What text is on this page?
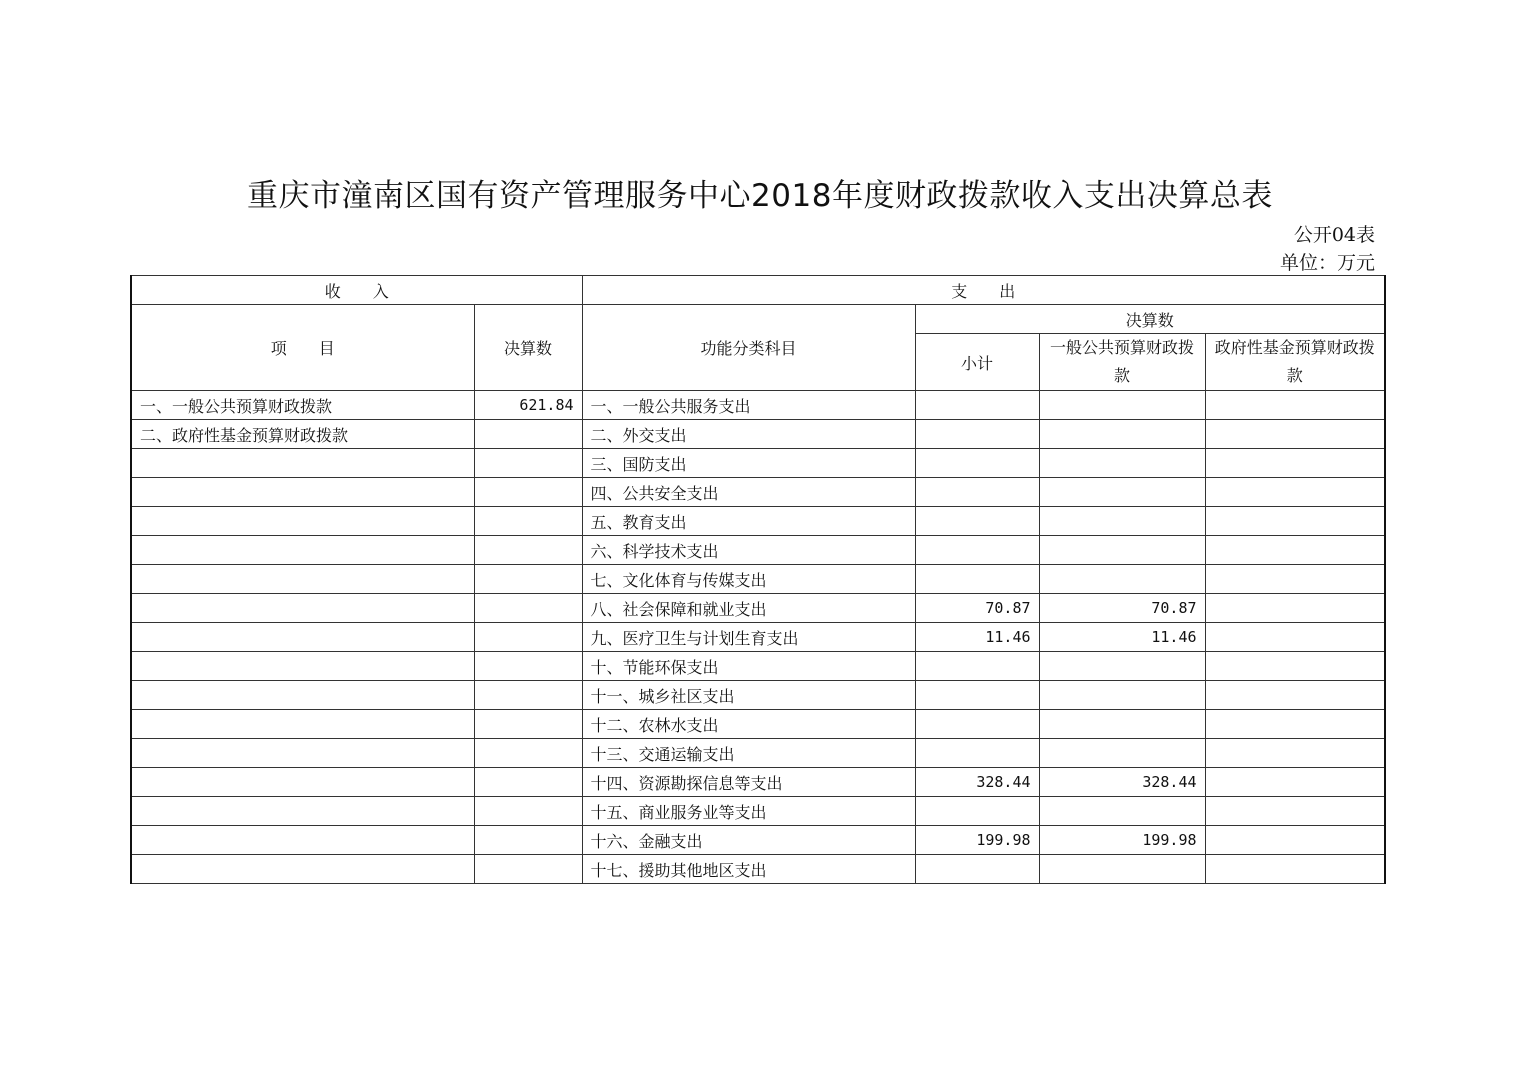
重庆市潼南区国有资产管理服务中心2018年度财政拨款收入支出决算总表
公开04表
单位：万元
收　　入		支　　出			
项　　目	决算数	功能分类科目	决算数		
			小计	一般公共预算财政拨款	政府性基金预算财政拨款
一、一般公共预算财政拨款	621.84	一、一般公共服务支出			
二、政府性基金预算财政拨款		二、外交支出			
		三、国防支出			
		四、公共安全支出			
		五、教育支出			
		六、科学技术支出			
		七、文化体育与传媒支出			
		八、社会保障和就业支出	70.87	70.87	
		九、医疗卫生与计划生育支出	11.46	11.46	
		十、节能环保支出			
		十一、城乡社区支出			
		十二、农林水支出			
		十三、交通运输支出			
		十四、资源勘探信息等支出	328.44	328.44	
		十五、商业服务业等支出			
		十六、金融支出	199.98	199.98	
		十七、援助其他地区支出			
